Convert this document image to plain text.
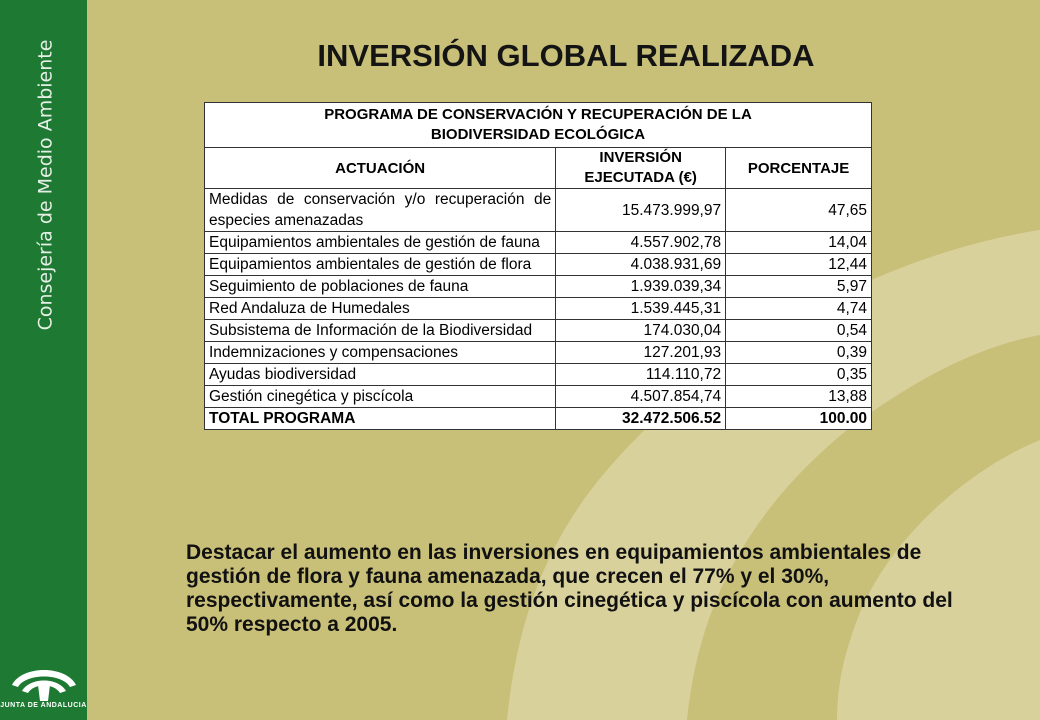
Consejería de Medio Ambiente
JUNTA DE ANDALUCIA
INVERSIÓN GLOBAL REALIZADA
PROGRAMA DE CONSERVACIÓN Y RECUPERACIÓN DE LA BIODIVERSIDAD ECOLÓGICA		
ACTUACIÓN	INVERSIÓN EJECUTADA (€)	PORCENTAJE
Medidas de conservación y/o recuperación de especies amenazadas	15.473.999,97	47,65
Equipamientos ambientales de gestión de fauna	4.557.902,78	14,04
Equipamientos ambientales de gestión de flora	4.038.931,69	12,44
Seguimiento de poblaciones de fauna	1.939.039,34	5,97
Red Andaluza de Humedales	1.539.445,31	4,74
Subsistema de Información de la Biodiversidad	174.030,04	0,54
Indemnizaciones y compensaciones	127.201,93	0,39
Ayudas biodiversidad	114.110,72	0,35
Gestión cinegética y piscícola	4.507.854,74	13,88
TOTAL PROGRAMA	32.472.506.52	100.00

Destacar el aumento en las inversiones en equipamientos ambientales de gestión de flora y fauna amenazada, que crecen el 77% y el 30%, respectivamente, así como la gestión cinegética y piscícola con aumento del 50% respecto a 2005.
